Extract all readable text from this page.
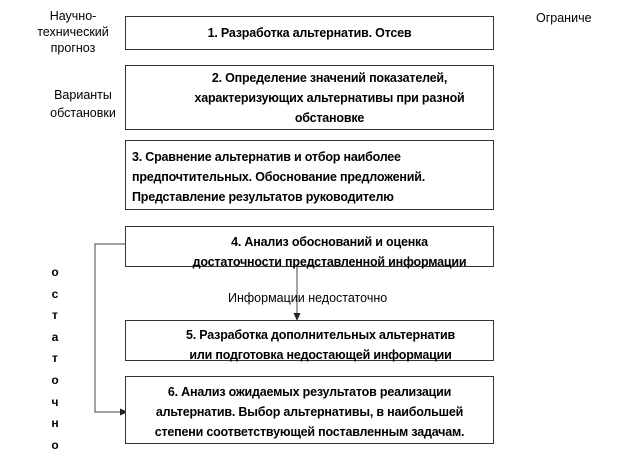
Научно-
технический
прогноз
Варианты
обстановки
Ограниче
о
с
т
а
т
о
ч
н
о
1. Разработка альтернатив. Отсев
2. Определение значений показателей,
характеризующих альтернативы при разной
обстановке
3. Сравнение альтернатив и отбор наиболее
предпочтительных. Обоснование предложений.
Представление результатов руководителю
4. Анализ обоснований и оценка
достаточности представленной информации
Информации недостаточно
5. Разработка дополнительных альтернатив
или подготовка недостающей информации
6. Анализ ожидаемых результатов реализации
альтернатив. Выбор альтернативы, в наибольшей
степени соответствующей поставленным задачам.
